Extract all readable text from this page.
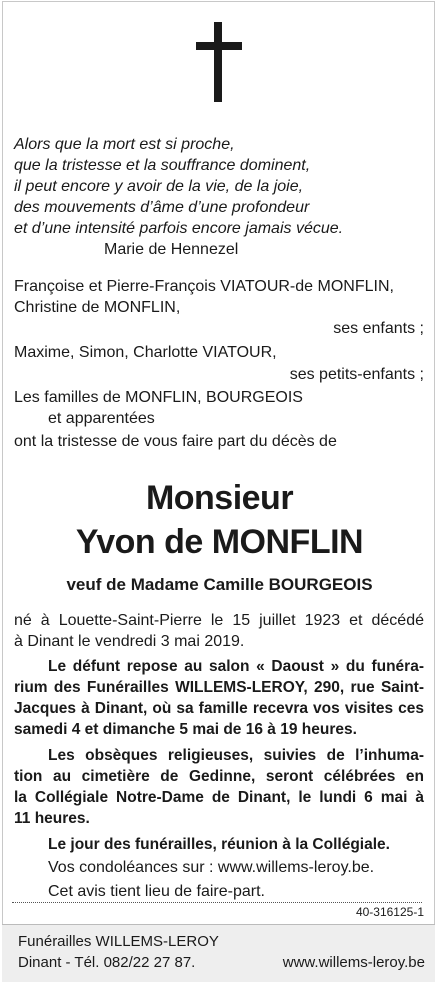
Alors que la mort est si proche,
que la tristesse et la souffrance dominent,
il peut encore y avoir de la vie, de la joie,
des mouvements d’âme d’une profondeur
et d’une intensité parfois encore jamais vécue.
Marie de Hennezel
Françoise et Pierre-François VIATOUR-de MONFLIN,
Christine de MONFLIN,
ses enfants ;
Maxime, Simon, Charlotte VIATOUR,
ses petits-enfants ;
Les familles de MONFLIN, BOURGEOIS
et apparentées
ont la tristesse de vous faire part du décès de
Monsieur
Yvon de MONFLIN
veuf de Madame Camille BOURGEOIS
né à Louette-Saint-Pierre le 15 juillet 1923 et décédé
à Dinant le vendredi 3 mai 2019.
Le défunt repose au salon « Daoust » du funéra-
rium des Funérailles WILLEMS-LEROY, 290, rue Saint-
Jacques à Dinant, où sa famille recevra vos visites ces
samedi 4 et dimanche 5 mai de 16 à 19 heures.
Les obsèques religieuses, suivies de l’inhuma-
tion au cimetière de Gedinne, seront célébrées en
la Collégiale Notre-Dame de Dinant, le lundi 6 mai à
11 heures.
Le jour des funérailles, réunion à la Collégiale.
Vos condoléances sur : www.willems-leroy.be.
Cet avis tient lieu de faire-part.
40-316125-1
Funérailles WILLEMS-LEROY
Dinant - Tél. 082/22 27 87.	www.willems-leroy.be
